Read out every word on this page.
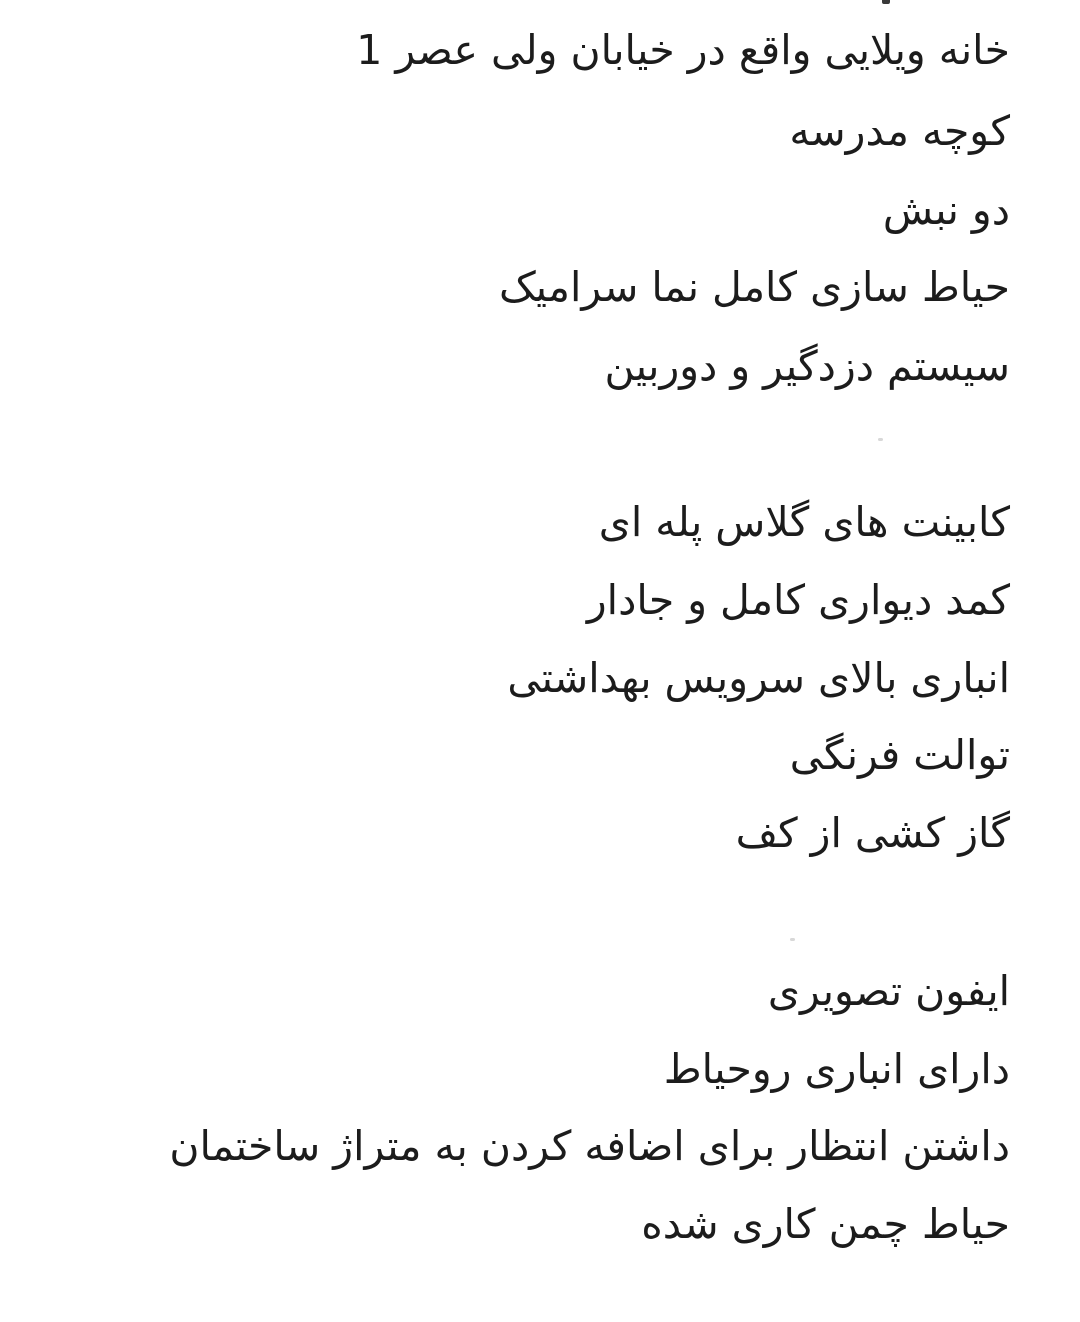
خانه ویلایی واقع در خیابان ولی عصر 1
کوچه مدرسه
دو نبش
حیاط سازی کامل نما سرامیک
سیستم دزدگیر و دوربین
کابینت های گلاس پله ای
کمد دیواری کامل و جادار
انباری بالای سرویس بهداشتی
توالت فرنگی
گاز کشی از کف
ایفون تصویری
دارای انباری روحیاط
داشتن انتظار برای اضافه کردن به متراژ ساختمان
حیاط چمن کاری شده
